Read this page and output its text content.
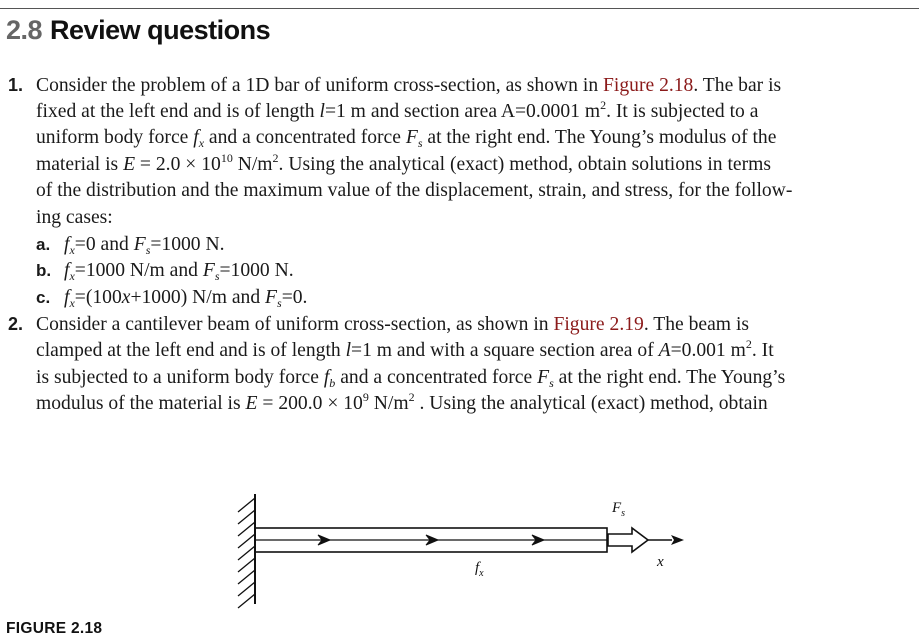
2.8 Review questions
1. Consider the problem of a 1D bar of uniform cross-section, as shown in Figure 2.18. The bar is
fixed at the left end and is of length l=1 m and section area A=0.0001 $m^2$. It is subjected to a
uniform body force $f_x$ and a concentrated force $F_s$ at the right end. The Young’s modulus of the
material is $E = 2.0 \times 10^{10}$ $N/m^2$. Using the analytical (exact) method, obtain solutions in terms
of the distribution and the maximum value of the displacement, strain, and stress, for the follow-
ing cases:
a. $f_x=0$ and $F_s=1000$ N.
b. $f_x=1000$ N/m and $F_s=1000$ N.
c. $f_x=(100x+1000)$ N/m and $F_s=0$.
2. Consider a cantilever beam of uniform cross-section, as shown in Figure 2.19. The beam is
clamped at the left end and is of length l=1 m and with a square section area of A=0.001 $m^2$. It
is subjected to a uniform body force $f_b$ and a concentrated force $F_s$ at the right end. The Young’s
modulus of the material is $E = 200.0 \times 10^9$ $N/m^2$ . Using the analytical (exact) method, obtain
$F_s$
$f_x$
x
FIGURE 2.18
